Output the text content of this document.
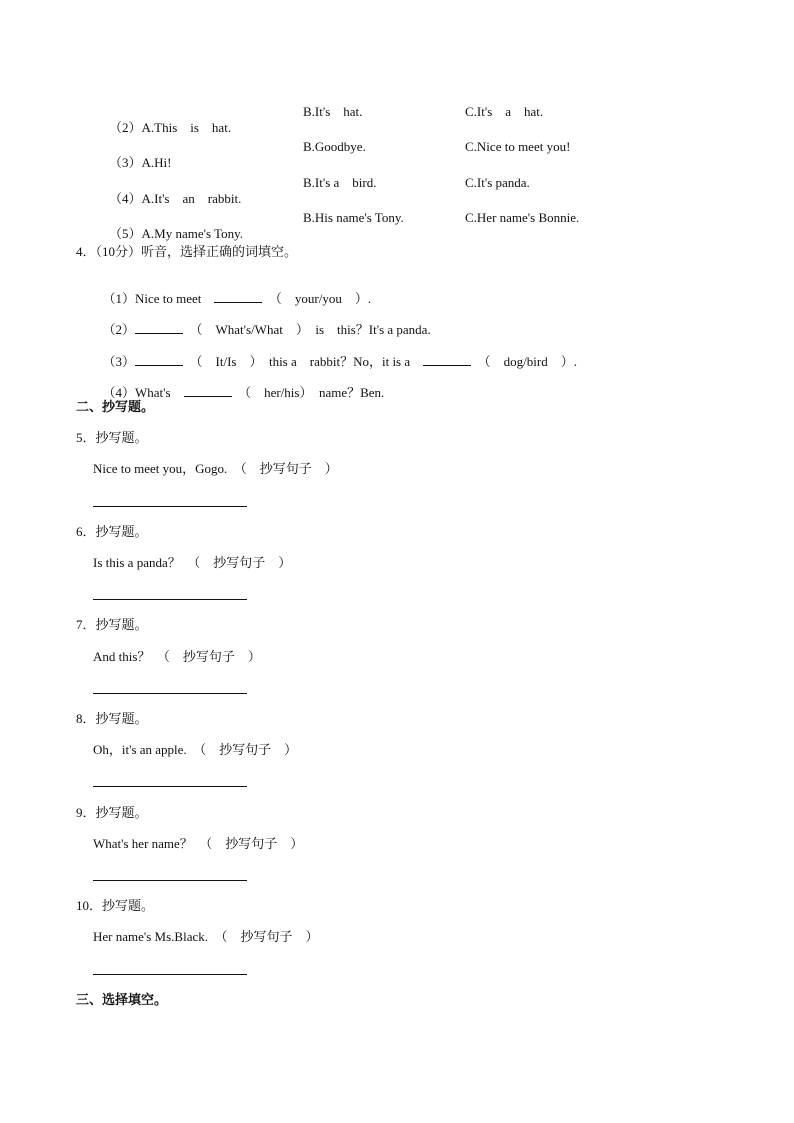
（2）A.This　is　hat.

B.It's　hat.	C.It's　a　hat.

（3）A.Hi!

B.Goodbye.	C.Nice to meet you!

（4）A.It's　an　rabbit.

B.It's a　bird.	C.It's panda.

（5）A.My name's Tony.

B.His name's Tony.	C.Her name's Bonnie.
4．（10分）听音，选择正确的词填空。

（1）Nice to meet　	　（　your/you　）.

（2）	　（　What's/What　）　is　this？It's a panda.

（3）	　（　It/Is　）　this a　rabbit？No，it is a　	　（　dog/bird　）.

（4）What's　	　（　her/his）　name？Ben.

二、抄写题。
5．抄写题。
Nice to meet you，Gogo.　（　抄写句子　）
6．抄写题。
Is this a panda？　（　抄写句子　）
7．抄写题。
And this？　（　抄写句子　）
8．抄写题。
Oh，it's an apple.　（　抄写句子　）
9．抄写题。
What's her name？　（　抄写句子　）
10．抄写题。
Her name's Ms.Black.　（　抄写句子　）
三、选择填空。
